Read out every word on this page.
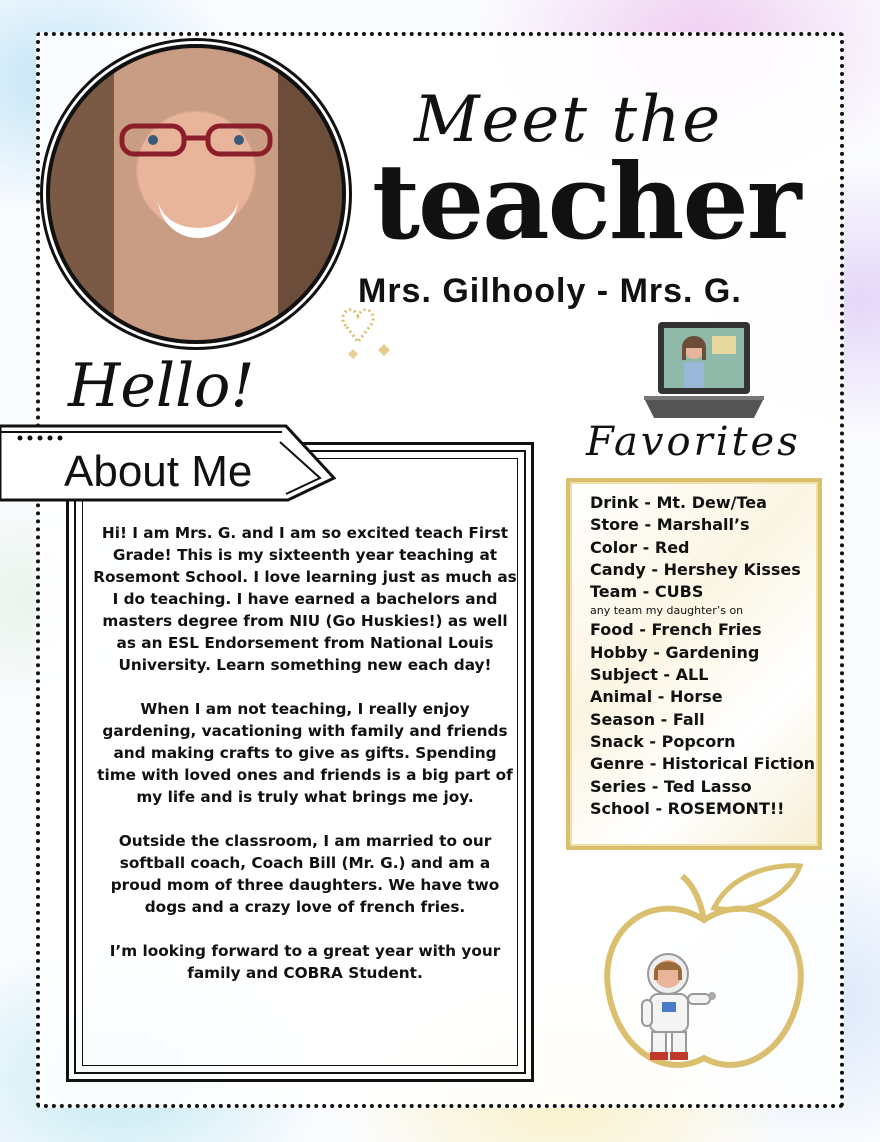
Meet the
teacher
Mrs. Gilhooly - Mrs. G.
Hello!
About Me

Hi! I am Mrs. G. and I am so excited teach First Grade! This is my sixteenth year teaching at Rosemont School. I love learning just as much as I do teaching. I have earned a bachelors and masters degree from NIU (Go Huskies!) as well as an ESL Endorsement from National Louis University. Learn something new each day!

When I am not teaching, I really enjoy gardening, vacationing with family and friends and making crafts to give as gifts. Spending time with loved ones and friends is a big part of my life and is truly what brings me joy.

Outside the classroom, I am married to our softball coach, Coach Bill (Mr. G.) and am a proud mom of three daughters. We have two dogs and a crazy love of french fries.

I’m looking forward to a great year with your family and COBRA Student.

Favorites
Drink - Mt. Dew/Tea
Store - Marshall’s
Color - Red
Candy - Hershey Kisses
Team - CUBS
any team my daughter’s on
Food - French Fries
Hobby - Gardening
Subject - ALL
Animal - Horse
Season - Fall
Snack - Popcorn
Genre - Historical Fiction
Series - Ted Lasso
School - ROSEMONT!!
